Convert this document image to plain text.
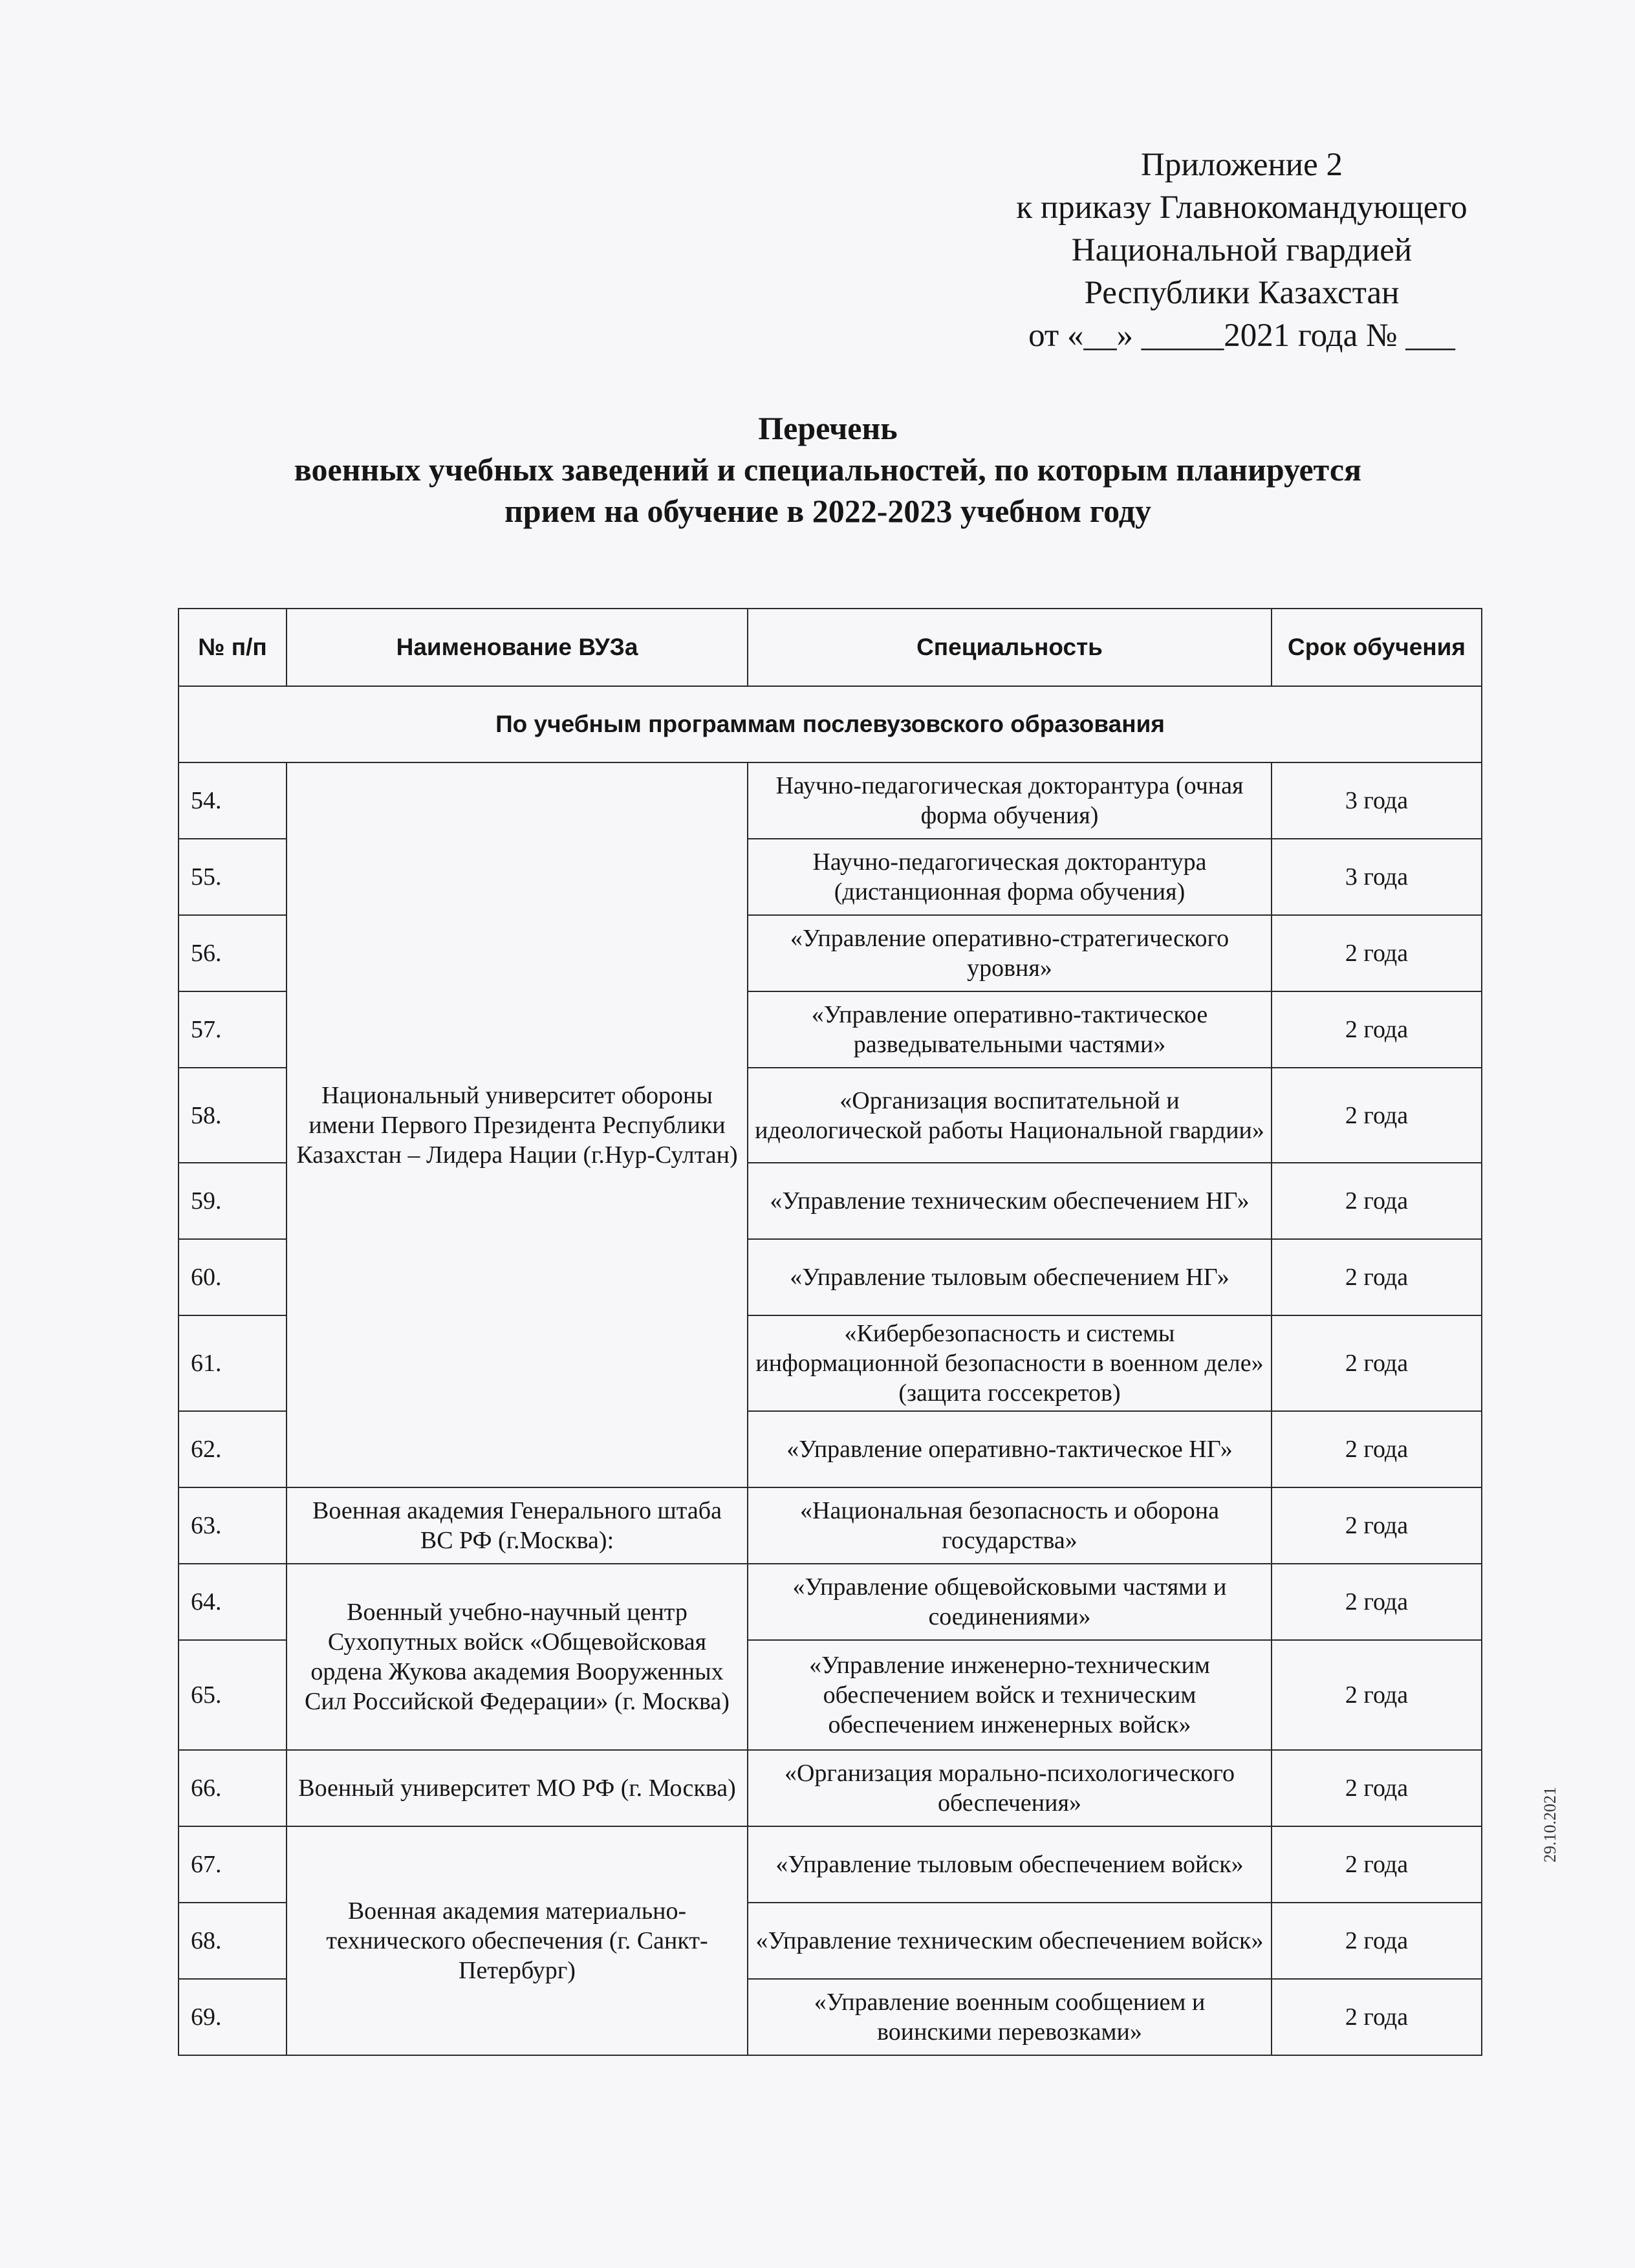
Приложение 2
к приказу Главнокомандующего
Национальной гвардией
Республики Казахстан
от «__» _____2021 года № ___
Перечень
военных учебных заведений и специальностей, по которым планируется
прием на обучение в 2022-2023 учебном году
№ п/п	Наименование ВУЗа	Специальность	Срок обучения
По учебным программам послевузовского образования			
54.	Национальный университет обороны имени Первого Президента Республики Казахстан – Лидера Нации (г.Нур-Султан)	Научно-педагогическая докторантура (очная форма обучения)	3 года
55.		Научно-педагогическая докторантура (дистанционная форма обучения)	3 года
56.		«Управление оперативно-стратегического уровня»	2 года
57.		«Управление оперативно-тактическое разведывательными частями»	2 года
58.		«Организация воспитательной и идеологической работы Национальной гвардии»	2 года
59.		«Управление техническим обеспечением НГ»	2 года
60.		«Управление тыловым обеспечением НГ»	2 года
61.		«Кибербезопасность и системы информационной безопасности в военном деле» (защита госсекретов)	2 года
62.		«Управление оперативно-тактическое НГ»	2 года
63.	Военная академия Генерального штаба ВС РФ (г.Москва):	«Национальная безопасность и оборона государства»	2 года
64.	Военный учебно-научный центр Сухопутных войск «Общевойсковая ордена Жукова академия Вооруженных Сил Российской Федерации» (г. Москва)	«Управление общевойсковыми частями и соединениями»	2 года
65.		«Управление инженерно-техническим обеспечением войск и техническим обеспечением инженерных войск»	2 года
66.	Военный университет МО РФ (г. Москва)	«Организация морально-психологического обеспечения»	2 года
67.	Военная академия материально-технического обеспечения (г. Санкт-Петербург)	«Управление тыловым обеспечением войск»	2 года
68.		«Управление техническим обеспечением войск»	2 года
69.		«Управление военным сообщением и воинскими перевозками»	2 года
29.10.2021
